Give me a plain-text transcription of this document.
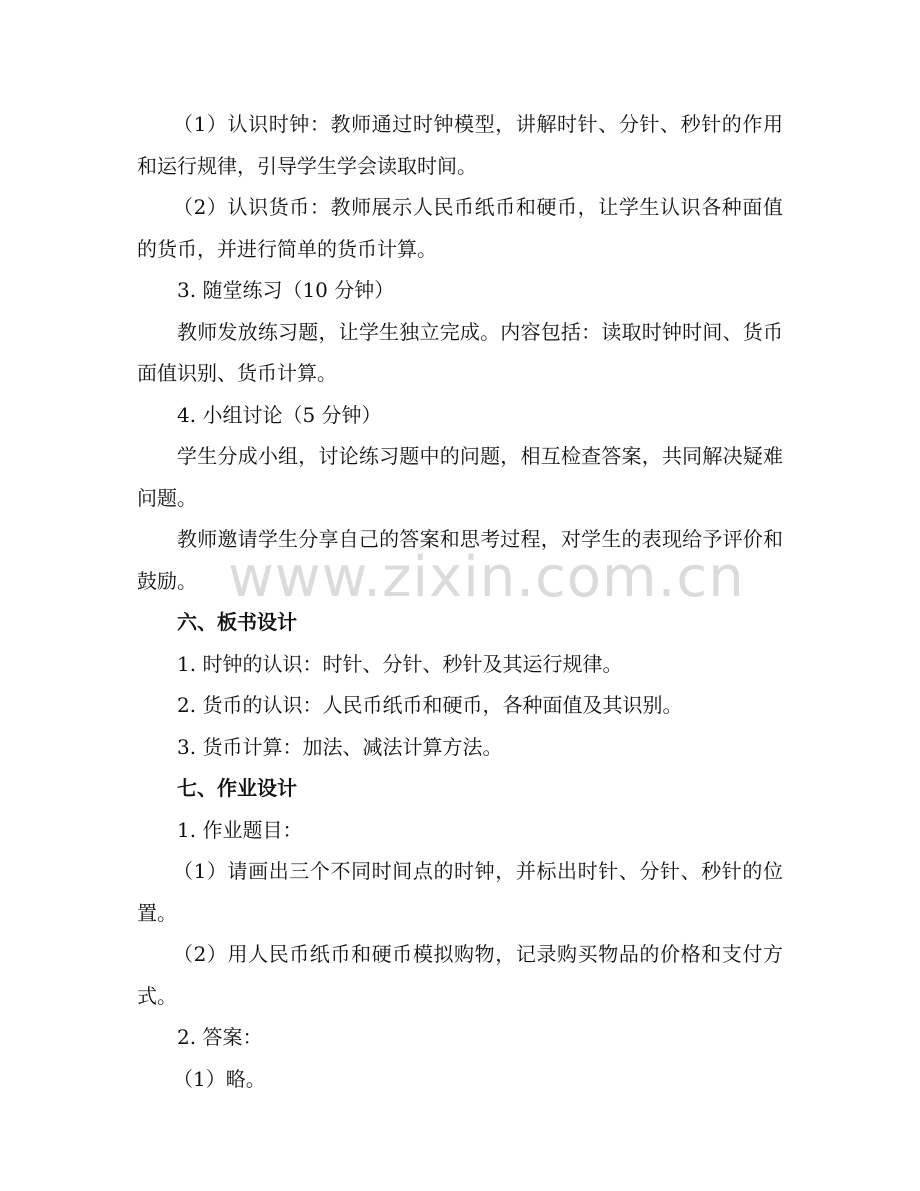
（1）认识时钟：教师通过时钟模型，讲解时针、分针、秒针的作用和运行规律，引导学生学会读取时间。

（2）认识货币：教师展示人民币纸币和硬币，让学生认识各种面值的货币，并进行简单的货币计算。

3. 随堂练习（10 分钟）

教师发放练习题，让学生独立完成。内容包括：读取时钟时间、货币面值识别、货币计算。

4. 小组讨论（5 分钟）

学生分成小组，讨论练习题中的问题，相互检查答案，共同解决疑难问题。

教师邀请学生分享自己的答案和思考过程，对学生的表现给予评价和鼓励。

六、板书设计

1. 时钟的认识：时针、分针、秒针及其运行规律。

2. 货币的认识：人民币纸币和硬币，各种面值及其识别。

3. 货币计算：加法、减法计算方法。

七、作业设计

1. 作业题目：

（1）请画出三个不同时间点的时钟，并标出时针、分针、秒针的位置。

（2）用人民币纸币和硬币模拟购物，记录购买物品的价格和支付方式。

2. 答案：

（1）略。

www.zixin.com.cn
